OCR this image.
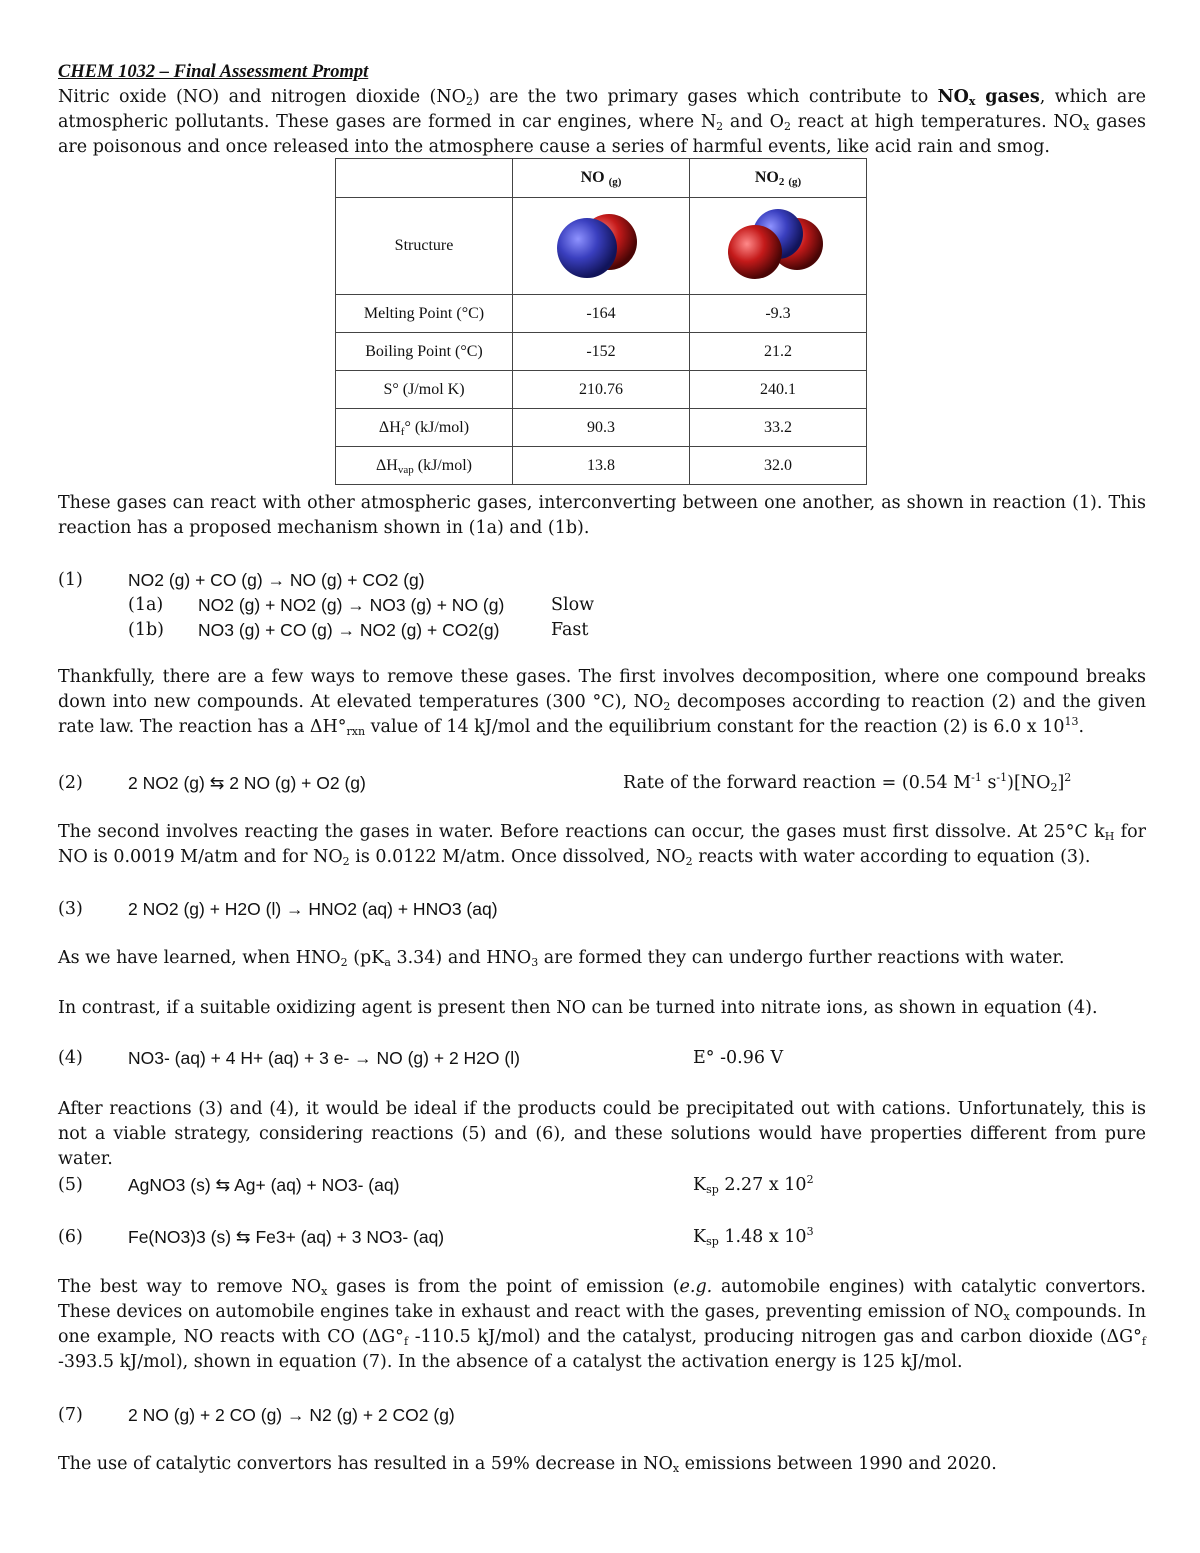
CHEM 1032 – Final Assessment Prompt

Nitric oxide (NO) and nitrogen dioxide $(NO_2)$ are the two primary gases which contribute to $NO_x$ gases, which are atmospheric pollutants. These gases are formed in car engines, where $N_2$ and $O_2$ react at high temperatures. $NO_x$ gases are poisonous and once released into the atmosphere cause a series of harmful events, like acid rain and smog.

	NO $_{(g)}$	$NO_2$ $_{(g)}$
Structure		
Melting Point (°C)	-164	-9.3
Boiling Point (°C)	-152	21.2
S° (J/mol K)	210.76	240.1
$\Delta H_f^\circ$ (kJ/mol)	90.3	33.2
$\Delta H_{vap}$ (kJ/mol)	13.8	32.0

These gases can react with other atmospheric gases, interconverting between one another, as shown in reaction (1). This reaction has a proposed mechanism shown in (1a) and (1b).

(1)	NO2 (g) + CO (g) → NO (g) + CO2 (g)
(1a) NO2 (g) + NO2 (g) → NO3 (g) + NO (g)	Slow
(1b) NO3 (g) + CO (g) → NO2 (g) + CO2(g)	Fast

Thankfully, there are a few ways to remove these gases. The first involves decomposition, where one compound breaks down into new compounds. At elevated temperatures (300 °C), $NO_2$ decomposes according to reaction (2) and the given rate law. The reaction has a $\Delta H^\circ_{rxn}$ value of 14 kJ/mol and the equilibrium constant for the reaction (2) is 6.0 x $10^{13}$.

(2)	2 NO2 (g) ⇆ 2 NO (g) + O2 (g)	Rate of the forward reaction = (0.54 $M^{-1}$ $s^{-1})[NO_2]^2$

The second involves reacting the gases in water. Before reactions can occur, the gases must first dissolve. At 25°C $k_H$ for NO is 0.0019 M/atm and for $NO_2$ is 0.0122 M/atm. Once dissolved, $NO_2$ reacts with water according to equation (3).

(3)	2 NO2 (g) + H2O (l) → HNO2 (aq) + HNO3 (aq)

As we have learned, when $HNO_2$ ($pK_a$ 3.34) and $HNO_3$ are formed they can undergo further reactions with water.

In contrast, if a suitable oxidizing agent is present then NO can be turned into nitrate ions, as shown in equation (4).

(4)	NO3- (aq) + 4 H+ (aq) + 3 e- → NO (g) + 2 H2O (l)	E° -0.96 V

After reactions (3) and (4), it would be ideal if the products could be precipitated out with cations. Unfortunately, this is not a viable strategy, considering reactions (5) and (6), and these solutions would have properties different from pure water.

(5)	AgNO3 (s) ⇆ Ag+ (aq) + NO3- (aq)	$K_{sp}$ 2.27 x $10^2$
(6)	Fe(NO3)3 (s) ⇆ Fe3+ (aq) + 3 NO3- (aq)	$K_{sp}$ 1.48 x $10^3$

The best way to remove $NO_x$ gases is from the point of emission (e.g. automobile engines) with catalytic convertors. These devices on automobile engines take in exhaust and react with the gases, preventing emission of $NO_x$ compounds. In one example, NO reacts with CO ($\Delta G^\circ_f$ -110.5 kJ/mol) and the catalyst, producing nitrogen gas and carbon dioxide ($\Delta G^\circ_f$ -393.5 kJ/mol), shown in equation (7). In the absence of a catalyst the activation energy is 125 kJ/mol.

(7)	2 NO (g) + 2 CO (g) → N2 (g) + 2 CO2 (g)

The use of catalytic convertors has resulted in a 59% decrease in $NO_x$ emissions between 1990 and 2020.
